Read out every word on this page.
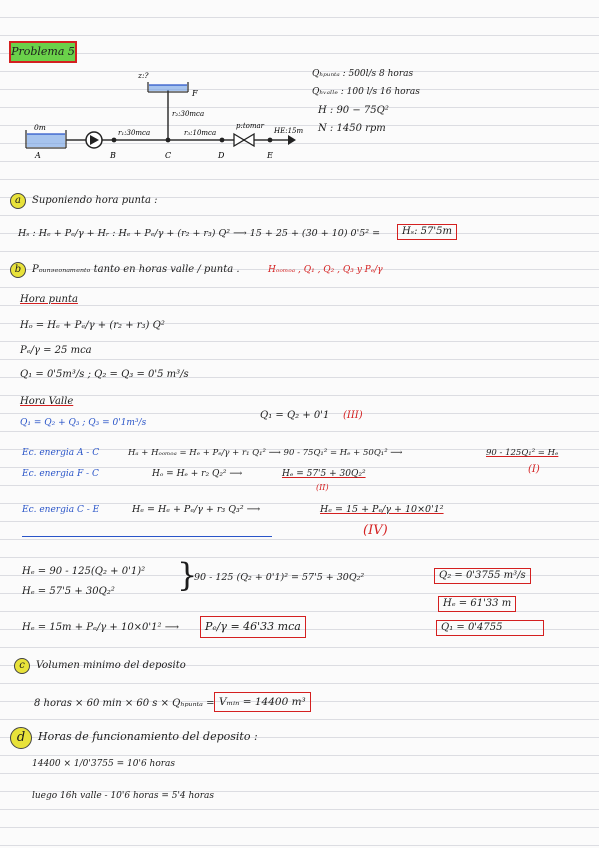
Problema 5
z:?
F
r₂:30mca
0m
r₁:30mca	r₃:10mca
p:tomar
HE:15m
A	B	C	D	E
Qₕₚᵤₙₜₐ : 500l/s 8 horas
Qₕᵥₐₗₗₑ : 100 l/s 16 horas
H : 90 − 75Q²
N : 1450 rpm
a	Suponiendo hora punta :
Hₛ : Hₑ + Pₑ/γ + Hᵣ : Hₑ + Pₑ/γ + (r₂ + r₃) Q² ⟶ 15 + 25 + (30 + 10) 0'5² =	Hₛ: 57'5m
b	Pₒᵤₙₔₑₒₙₐₘₑₙₜₒ tanto en horas valle / punta .	Hₒₒₘₒₐ , Q₁ , Q₂ , Q₃ y Pₑ/γ
Hora punta
Hₒ = Hₑ + Pₑ/γ + (r₂ + r₃) Q²
Pₑ/γ = 25 mca
Q₁ = 0'5m³/s ; Q₂ = Q₃ = 0'5 m³/s
Hora Valle
Q₁ = Q₂ + Q₃ ; Q₃ = 0'1m³/s
Q₁ = Q₂ + 0'1 (III)
Ec. energia A - C	Hₐ + Hₒₒₘₒₐ = Hₑ + Pₑ/γ + r₁ Q₁² ⟶ 90 - 75Q₁² = Hₑ + 50Q₁² ⟶	90 - 125Q₁² = Hₑ
(I)
Ec. energia F - C	Hₒ = Hₑ + r₂ Q₂² ⟶	Hₑ = 57'5 + 30Q₂²
(II)
Ec. energia C - E	Hₑ = Hₑ + Pₑ/γ + r₃ Q₃² ⟶	Hₑ = 15 + Pₑ/γ + 10×0'1²
(IV)
Hₑ = 90 - 125(Q₂ + 0'1)²
Hₑ = 57'5 + 30Q₂² }
90 - 125 (Q₂ + 0'1)² = 57'5 + 30Q₂²	Q₂ = 0'3755 m³/s
Hₑ = 61'33 m
Q₁ = 0'4755
Hₑ = 15m + Pₑ/γ + 10×0'1² ⟶	Pₑ/γ = 46'33 mca
c	Volumen minimo del deposito
8 horas × 60 min × 60 s × Qₕₚᵤₙₜₐ = Vₘᵢₙ = 14400 m³
d	Horas de funcionamiento del deposito :
14400 × 1/0'3755 = 10'6 horas
luego 16h valle - 10'6 horas = 5'4 horas
